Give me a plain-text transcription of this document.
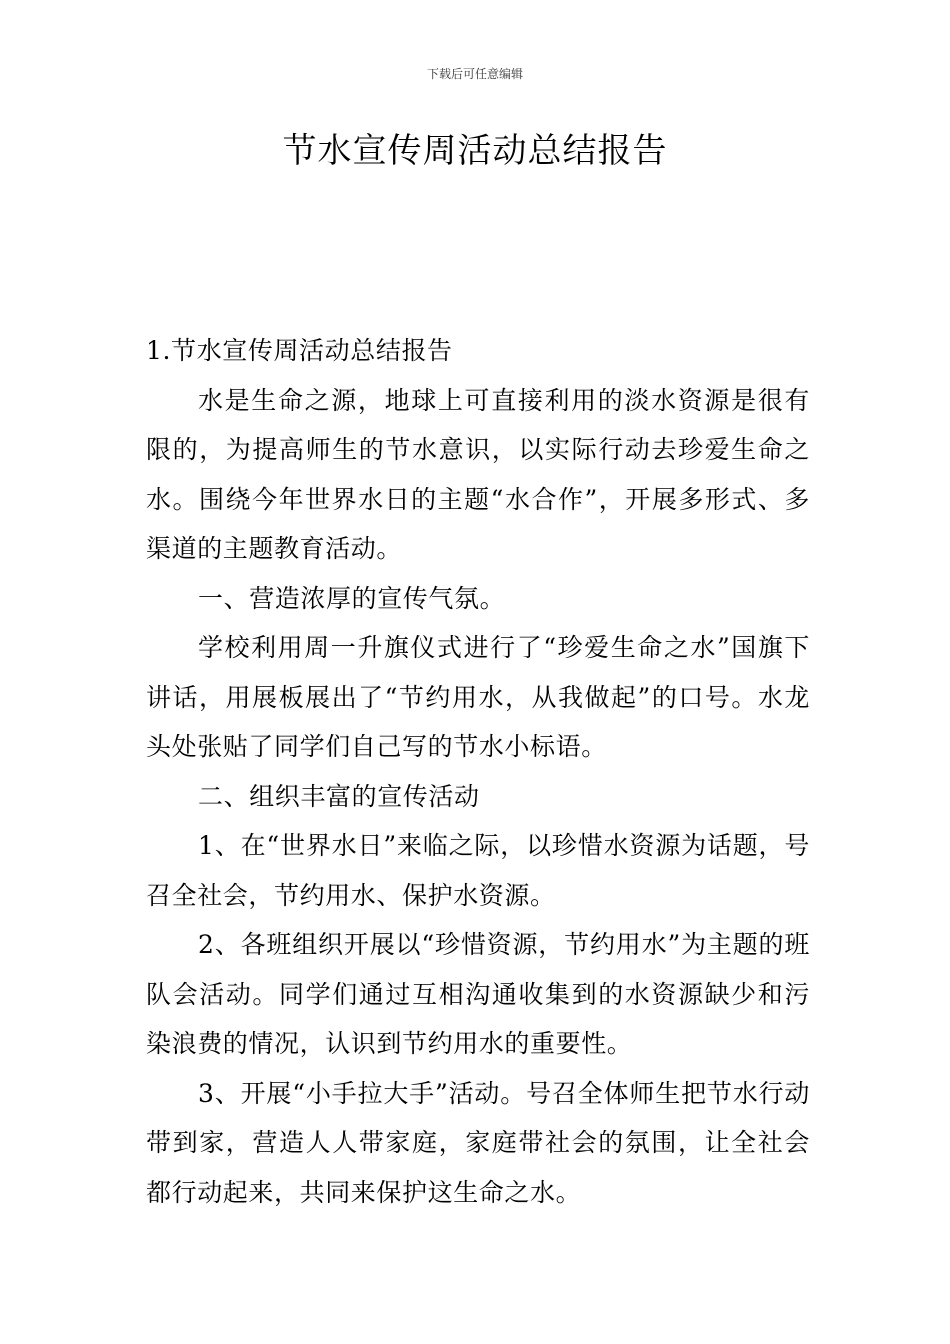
下载后可任意编辑
节水宣传周活动总结报告

1.节水宣传周活动总结报告

水是生命之源，地球上可直接利用的淡水资源是很有限的，为提高师生的节水意识，以实际行动去珍爱生命之水。围绕今年世界水日的主题“水合作”，开展多形式、多渠道的主题教育活动。

一、营造浓厚的宣传气氛。

学校利用周一升旗仪式进行了“珍爱生命之水”国旗下讲话，用展板展出了“节约用水，从我做起”的口号。水龙头处张贴了同学们自己写的节水小标语。

二、组织丰富的宣传活动

1、在“世界水日”来临之际，以珍惜水资源为话题，号召全社会，节约用水、保护水资源。

2、各班组织开展以“珍惜资源，节约用水”为主题的班队会活动。同学们通过互相沟通收集到的水资源缺少和污染浪费的情况，认识到节约用水的重要性。

3、开展“小手拉大手”活动。号召全体师生把节水行动带到家，营造人人带家庭，家庭带社会的氛围，让全社会都行动起来，共同来保护这生命之水。
